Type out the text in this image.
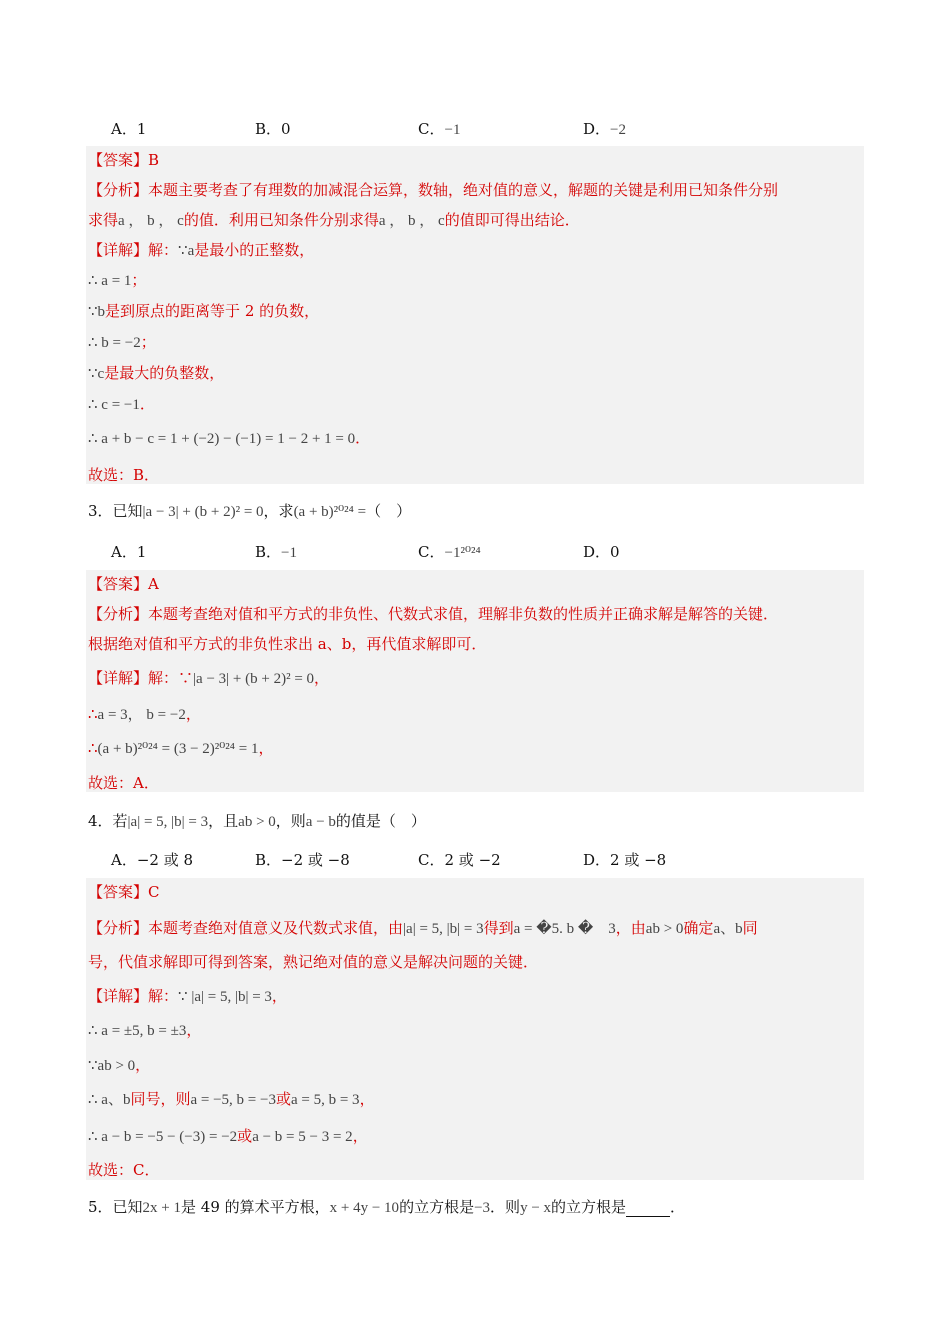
A．1	B．0	C．−1	D．−2
【答案】B
【分析】本题主要考查了有理数的加减混合运算，数轴，绝对值的意义，解题的关键是利用已知条件分别
求得a ， b ， c的值．利用已知条件分别求得a ， b ， c的值即可得出结论．
【详解】解：∵a是最小的正整数，
∴ a = 1；
∵b是到原点的距离等于 2 的负数，
∴ b = −2；
∵c是最大的负整数，
∴ c = −1．
∴ a + b − c = 1 + (−2) − (−1) = 1 − 2 + 1 = 0．
故选：B．
3．已知|a − 3| + (b + 2)² = 0，求(a + b)²⁰²⁴ =（　）
A．1	B．−1	C．−1²⁰²⁴	D．0
【答案】A
【分析】本题考查绝对值和平方式的非负性、代数式求值，理解非负数的性质并正确求解是解答的关键．
根据绝对值和平方式的非负性求出 a、b，再代值求解即可．
【详解】解：∵|a − 3| + (b + 2)² = 0，
∴a = 3， b = −2，
∴(a + b)²⁰²⁴ = (3 − 2)²⁰²⁴ = 1，
故选：A．
4．若|a| = 5, |b| = 3，且ab > 0，则a − b的值是（　）
A．−2 或 8	B．−2 或 −8	C．2 或 −2	D．2 或 −8
【答案】C
【分析】本题考查绝对值意义及代数式求值，由|a| = 5, |b| = 3得到a = �5. b �　3，由ab > 0确定a、b同
号，代值求解即可得到答案，熟记绝对值的意义是解决问题的关键．
【详解】解：∵ |a| = 5, |b| = 3，
∴ a = ±5, b = ±3，
∵ab > 0，
∴ a、b同号，则a = −5, b = −3或a = 5, b = 3，
∴ a − b = −5 − (−3) = −2或a − b = 5 − 3 = 2，
故选：C．
5．已知2x + 1是 49 的算术平方根，x + 4y − 10的立方根是−3．则y − x的立方根是	．
